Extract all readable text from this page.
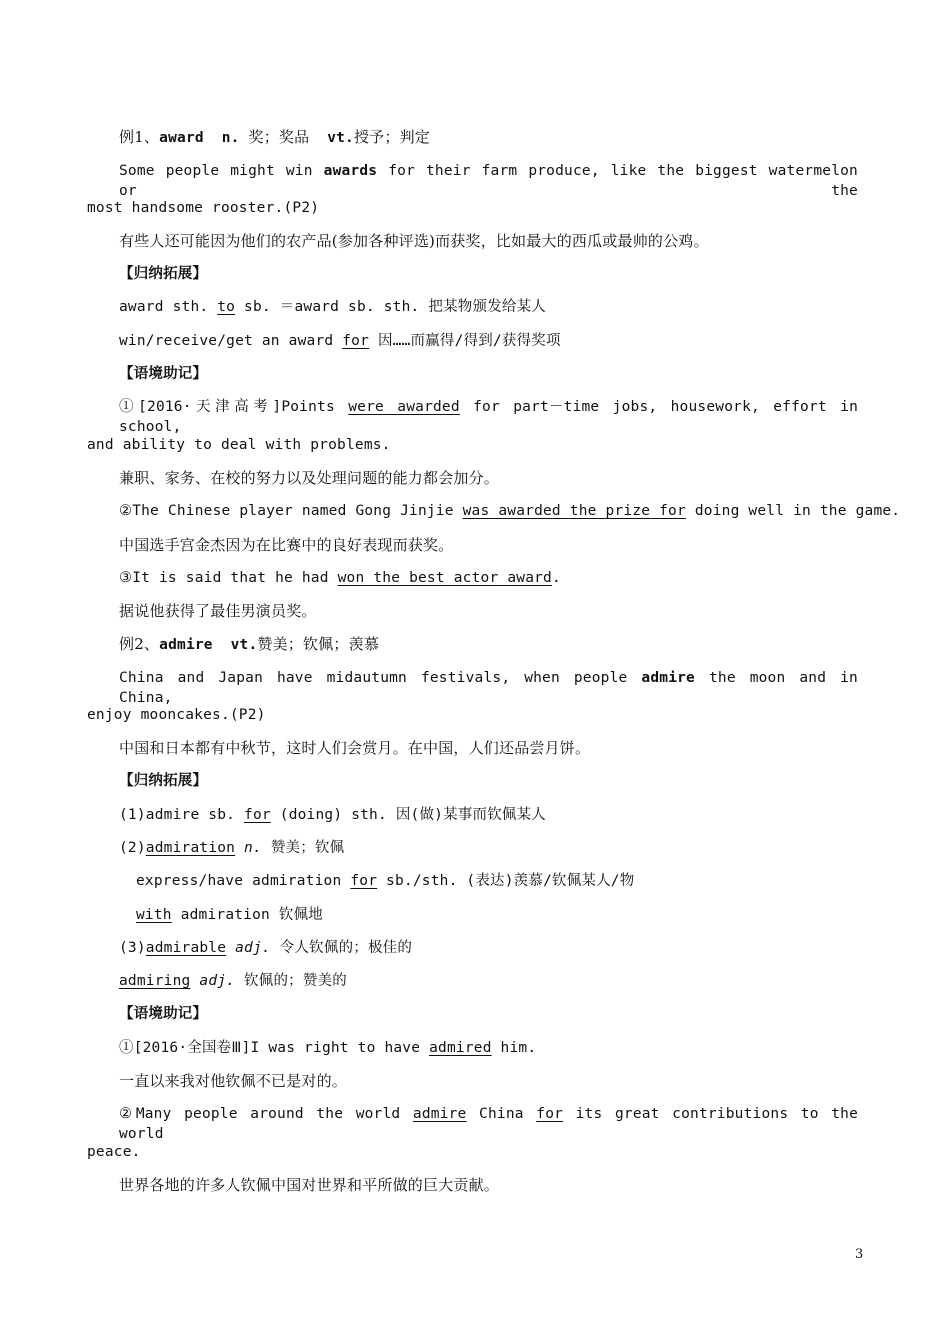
例1、award n. 奖；奖品 vt.授予；判定
Some people might win awards for their farm produce, like the biggest watermelon or the
most handsome rooster.(P2)
有些人还可能因为他们的农产品(参加各种评选)而获奖，比如最大的西瓜或最帅的公鸡。
【归纳拓展】
award sth. to sb. ＝award sb. sth. 把某物颁发给某人
win/receive/get an award for 因……而赢得/得到/获得奖项
【语境助记】
①[2016·天津高考]Points were awarded for part－time jobs, housework, effort in school,
and ability to deal with problems.
兼职、家务、在校的努力以及处理问题的能力都会加分。
②The Chinese player named Gong Jinjie was awarded the prize for doing well in the game.
中国选手宫金杰因为在比赛中的良好表现而获奖。
③It is said that he had won the best actor award.
据说他获得了最佳男演员奖。
例2、admire vt.赞美；钦佩；羡慕
China and Japan have midautumn festivals, when people admire the moon and in China,
enjoy mooncakes.(P2)
中国和日本都有中秋节，这时人们会赏月。在中国，人们还品尝月饼。
【归纳拓展】
(1)admire sb. for (doing) sth. 因(做)某事而钦佩某人
(2)admiration n. 赞美；钦佩
express/have admiration for sb./sth. (表达)羡慕/钦佩某人/物
with admiration 钦佩地
(3)admirable adj. 令人钦佩的；极佳的
admiring adj. 钦佩的；赞美的
【语境助记】
①[2016·全国卷Ⅲ]I was right to have admired him.
一直以来我对他钦佩不已是对的。
②Many people around the world admire China for its great contributions to the world
peace.
世界各地的许多人钦佩中国对世界和平所做的巨大贡献。
3
